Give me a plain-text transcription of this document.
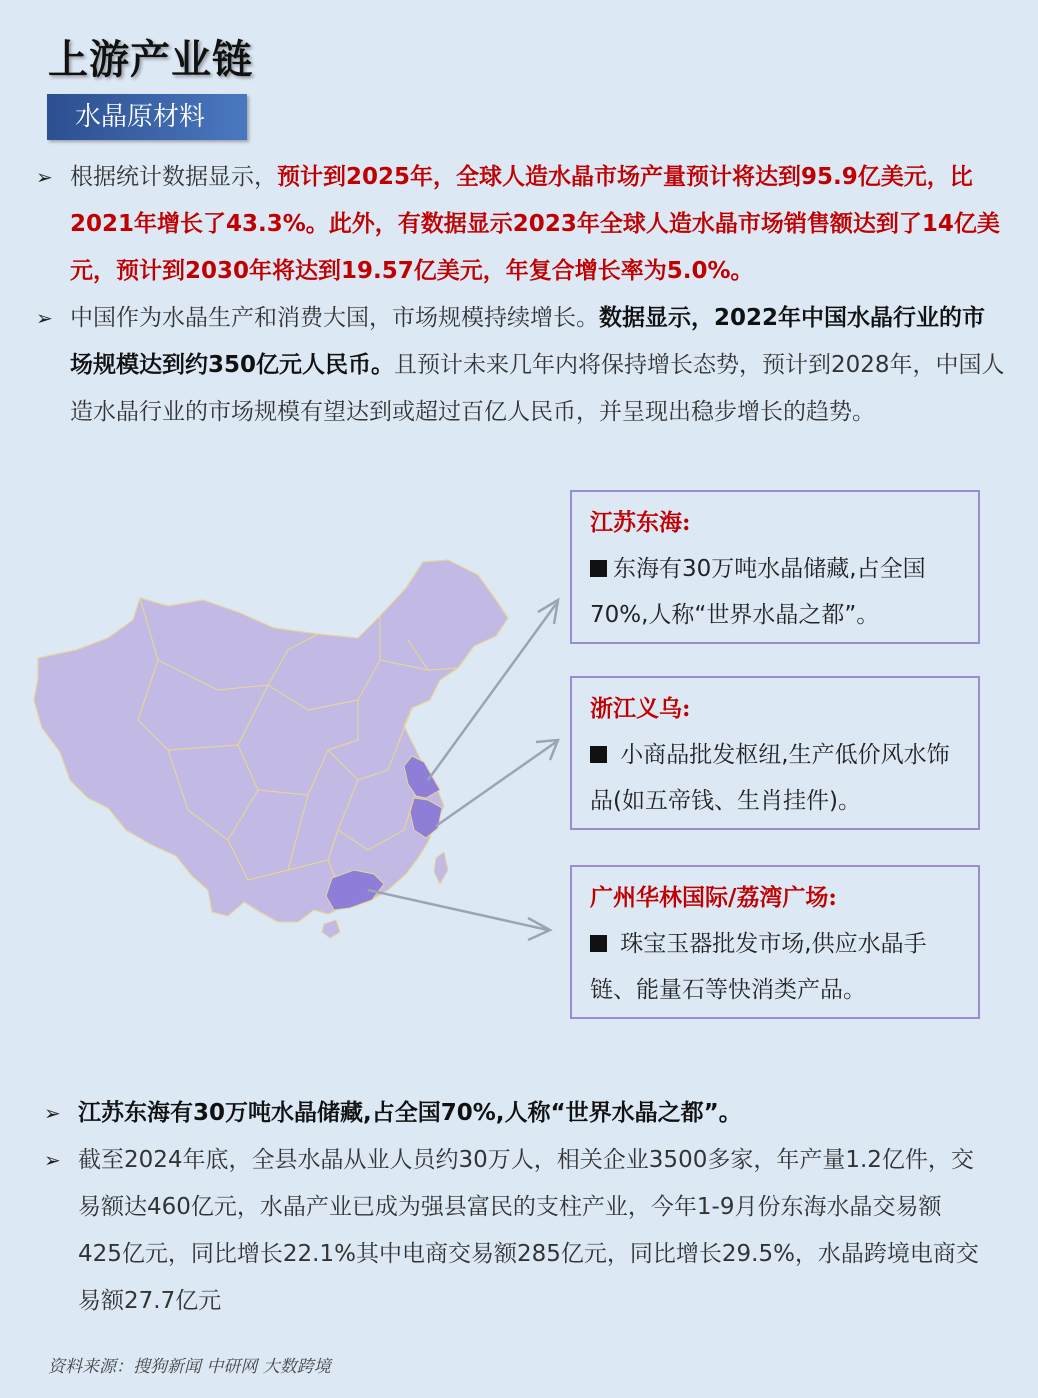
上游产业链
水晶原材料
➢ 根据统计数据显示，预计到2025年，全球人造水晶市场产量预计将达到95.9亿美元，比2021年增长了43.3%。此外，有数据显示2023年全球人造水晶市场销售额达到了14亿美元，预计到2030年将达到19.57亿美元，年复合增长率为5.0%。
➢ 中国作为水晶生产和消费大国，市场规模持续增长。数据显示，2022年中国水晶行业的市场规模达到约350亿元人民币。且预计未来几年内将保持增长态势，预计到2028年，中国人造水晶行业的市场规模有望达到或超过百亿人民币，并呈现出稳步增长的趋势。
江苏东海:
东海有30万吨水晶储藏,占全国70%,人称“世界水晶之都”。
浙江义乌:
小商品批发枢纽,生产低价风水饰品(如五帝钱、生肖挂件)。
广州华林国际/荔湾广场:
珠宝玉器批发市场,供应水晶手链、能量石等快消类产品。
➢ 江苏东海有30万吨水晶储藏,占全国70%,人称“世界水晶之都”。
➢ 截至2024年底，全县水晶从业人员约30万人，相关企业3500多家，年产量1.2亿件，交易额达460亿元，水晶产业已成为强县富民的支柱产业，今年1-9月份东海水晶交易额425亿元，同比增长22.1%其中电商交易额285亿元，同比增长29.5%，水晶跨境电商交易额27.7亿元
资料来源：搜狗新闻 中研网 大数跨境
